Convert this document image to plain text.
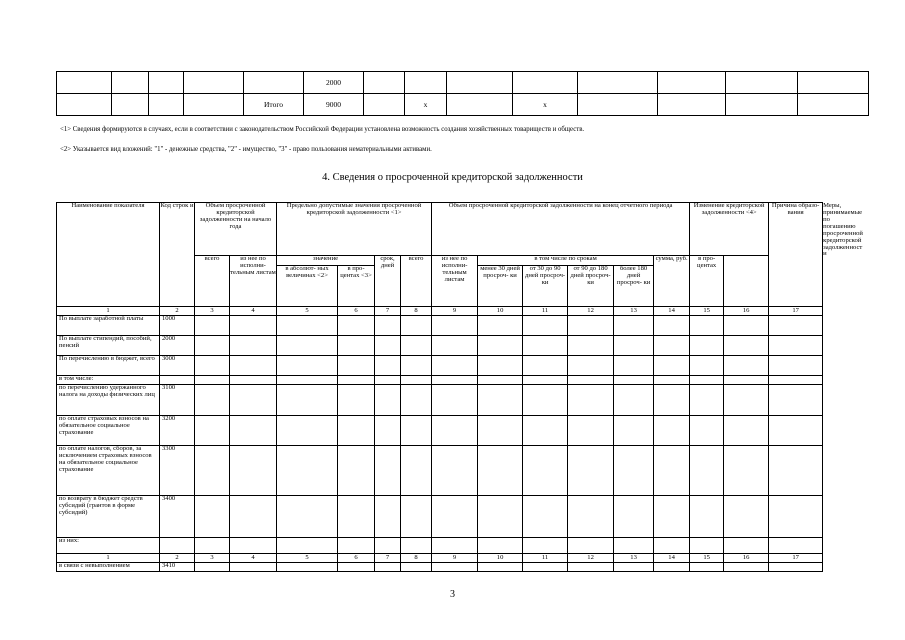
					2000								
				Итого	9000		x		x				
<1> Сведения формируются в случаях, если в соответствии с законодательством Российской Федерации установлена возможность создания хозяйственных товариществ и обществ.
<2> Указывается вид вложений: "1" - денежные средства, "2" - имущество, "3" - право пользования нематериальными активами.
4. Сведения о просроченной кредиторской задолженности
Наименование показателя	Код строк и	Объем просроченной кредиторской задолженности на начало года		Предельно допустимые значения просроченной кредиторской задолженности <1>				Объем просроченной кредиторской задолженности на конец отчетного периода						Изменение кредиторской задолженности <4>		Причина образо- вания	Меры, принимаемые по погашению просроченной кредиторской задолженност и
		всего	из нее по исполни- тельным листам	значение		срок, дней	всего	из нее по исполни- тельным листам	в том числе по срокам				сумма, руб.	в про- центах			
				в абсолют- ных величинах <2>	в про- центах <3>				менее 30 дней просроч- ки	от 30 до 90 дней просроч- ки	от 90 до 180 дней просроч- ки	более 180 дней просроч- ки					
1	2	3	4	5	6	7	8	9	10	11	12	13	14	15	16	17	
По выплате заработной платы	1000																
По выплате стипендий, пособий, пенсий	2000																
По перечислению в бюджет, всего	3000																
в том числе:																	
по перечислению удержанного налога на доходы физических лиц	3100																
по оплате страховых взносов на обязательное социальное страхование	3200																
по оплате налогов, сборов, за исключением страховых взносов на обязательное социальное страхование	3300																
по возврату в бюджет средств субсидий (грантов в форме субсидий)	3400																
из них:																	
1	2	3	4	5	6	7	8	9	10	11	12	13	14	15	16	17	
в связи с невыполнением	3410																
3
